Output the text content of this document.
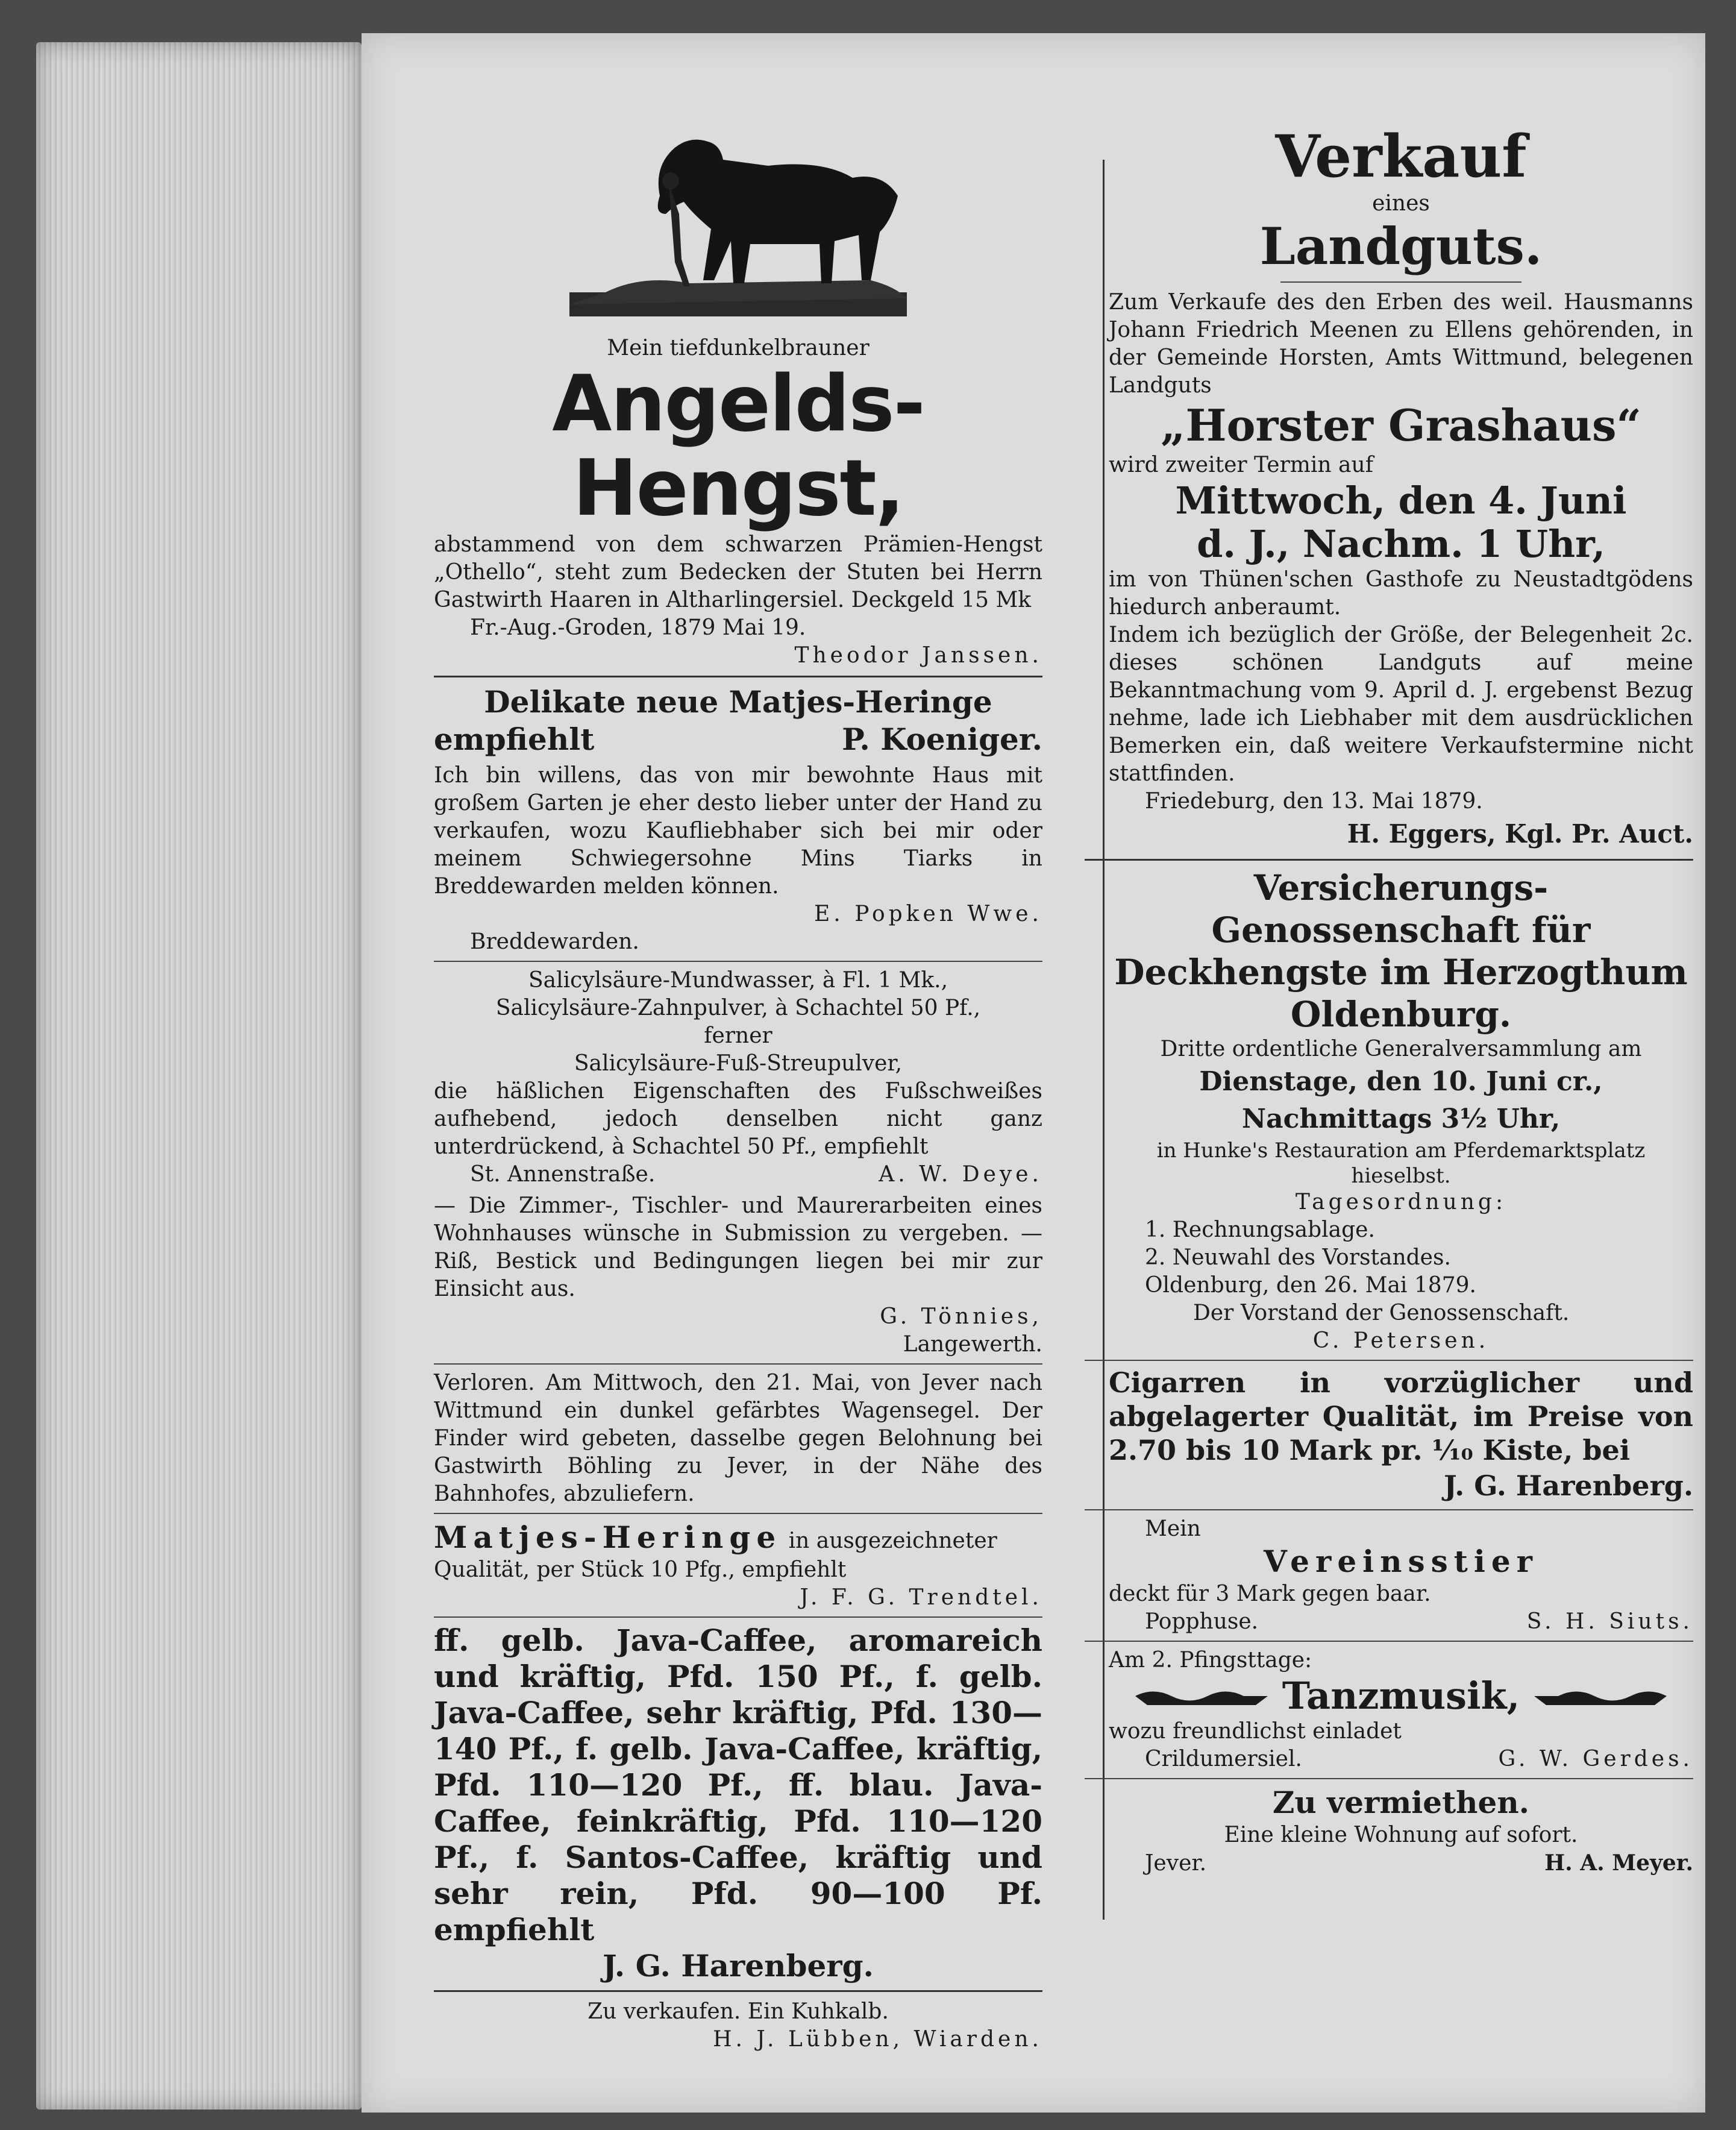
Mein tiefdunkelbrauner

Angelds-Hengst,

abstammend von dem schwarzen Prämien-Hengst „Othello“, steht zum Bedecken der Stuten bei Herrn Gastwirth Haaren in Altharlingersiel. Deckgeld 15 Mk

Fr.-Aug.-Groden, 1879 Mai 19.

Theodor Janssen.

Delikate neue Matjes-Heringe

empfiehlt	P. Koeniger.

Ich bin willens, das von mir bewohnte Haus mit großem Garten je eher desto lieber unter der Hand zu verkaufen, wozu Kaufliebhaber sich bei mir oder meinem Schwiegersohne Mins Tiarks in Breddewarden melden können.

E. Popken Wwe.

Breddewarden.

Salicylsäure-Mundwasser, à Fl. 1 Mk.,

Salicylsäure-Zahnpulver, à Schachtel 50 Pf.,

ferner

Salicylsäure-Fuß-Streupulver,

die häßlichen Eigenschaften des Fußschweißes aufhebend, jedoch denselben nicht ganz unterdrückend, à Schachtel 50 Pf., empfiehlt

St. Annenstraße.	A. W. Deye.

— Die Zimmer-, Tischler- und Maurerarbeiten eines Wohnhauses wünsche in Submission zu vergeben. — Riß, Bestick und Bedingungen liegen bei mir zur Einsicht aus.

G. Tönnies,

Langewerth.

Verloren. Am Mittwoch, den 21. Mai, von Jever nach Wittmund ein dunkel gefärbtes Wagensegel. Der Finder wird gebeten, dasselbe gegen Belohnung bei Gastwirth Böhling zu Jever, in der Nähe des Bahnhofes, abzuliefern.

Matjes-Heringe in ausgezeichneter Qualität, per Stück 10 Pfg., empfiehlt

J. F. G. Trendtel.

ff. gelb. Java-Caffee, aromareich und kräftig, Pfd. 150 Pf., f. gelb. Java-Caffee, sehr kräftig, Pfd. 130—140 Pf., f. gelb. Java-Caffee, kräftig, Pfd. 110—120 Pf., ff. blau. Java-Caffee, feinkräftig, Pfd. 110—120 Pf., f. Santos-Caffee, kräftig und sehr rein, Pfd. 90—100 Pf. empfiehlt

J. G. Harenberg.

Zu verkaufen. Ein Kuhkalb.

H. J. Lübben, Wiarden.

Verkauf

eines

Landguts.

Zum Verkaufe des den Erben des weil. Hausmanns Johann Friedrich Meenen zu Ellens gehörenden, in der Gemeinde Horsten, Amts Wittmund, belegenen Landguts

„Horster Grashaus“

wird zweiter Termin auf

Mittwoch, den 4. Juni

d. J., Nachm. 1 Uhr,

im von Thünen'schen Gasthofe zu Neustadtgödens hiedurch anberaumt.

Indem ich bezüglich der Größe, der Belegenheit 2c. dieses schönen Landguts auf meine Bekanntmachung vom 9. April d. J. ergebenst Bezug nehme, lade ich Liebhaber mit dem ausdrücklichen Bemerken ein, daß weitere Verkaufstermine nicht stattfinden.

Friedeburg, den 13. Mai 1879.

H. Eggers, Kgl. Pr. Auct.

Versicherungs-Genossenschaft für Deckhengste im Herzogthum Oldenburg.

Dritte ordentliche Generalversammlung am

Dienstage, den 10. Juni cr., Nachmittags 3½ Uhr,

in Hunke's Restauration am Pferdemarktsplatz hieselbst.

Tagesordnung:

1. Rechnungsablage.

2. Neuwahl des Vorstandes.

Oldenburg, den 26. Mai 1879.

Der Vorstand der Genossenschaft.

C. Petersen.

Cigarren in vorzüglicher und abgelagerter Qualität, im Preise von 2.70 bis 10 Mark pr. ⅒ Kiste, bei

J. G. Harenberg.

Mein

Vereinsstier

deckt für 3 Mark gegen baar.

Popphuse.	S. H. Siuts.

Am 2. Pfingsttage:

Tanzmusik,

wozu freundlichst einladet

Crildumersiel.	G. W. Gerdes.

Zu vermiethen.

Eine kleine Wohnung auf sofort.

Jever.	H. A. Meyer.
